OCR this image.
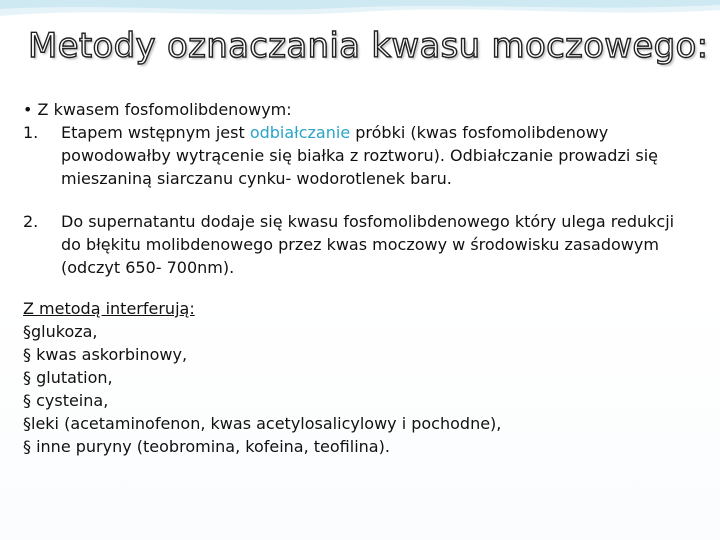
Metody oznaczania kwasu moczowego:

• Z kwasem fosfomolibdenowym:

1.	Etapem wstępnym jest odbiałczanie próbki (kwas fosfomolibdenowy powodowałby wytrącenie się białka z roztworu). Odbiałczanie prowadzi się mieszaniną siarczanu cynku- wodorotlenek baru.
2.	Do supernatantu dodaje się kwasu fosfomolibdenowego który ulega redukcji do błękitu molibdenowego przez kwas moczowy w środowisku zasadowym (odczyt 650- 700nm).

Z metodą interferują:

§glukoza,

§ kwas askorbinowy,

§ glutation,

§ cysteina,

§leki (acetaminofenon, kwas acetylosalicylowy i pochodne),

§ inne puryny (teobromina, kofeina, teofilina).
